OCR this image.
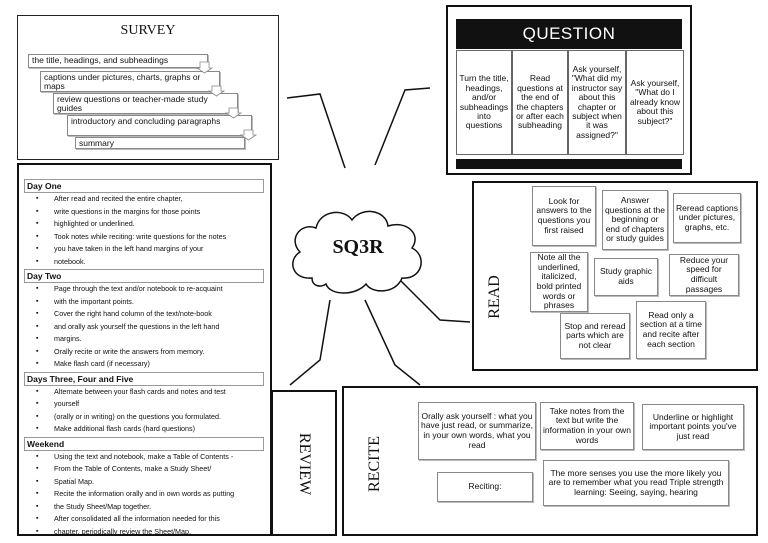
SQ3R
SURVEY
the title, headings, and subheadings
captions under pictures, charts, graphs or maps
review questions or teacher-made study guides
introductory and concluding paragraphs
summary
QUESTION
Turn the title, headings, and/or subheadings into questions
Read questions at the end of the chapters or after each subheading
Ask yourself, "What did my instructor say about this chapter or subject when it was assigned?"
Ask yourself, "What do I already know about this subject?"
READ
Look for answers to the questions you first raised
Answer questions at the beginning or end of chapters or study guides
Reread captions under pictures, graphs, etc.
Note all the underlined, italicized, bold printed words or phrases
Study graphic aids
Reduce your speed for difficult passages
Stop and reread parts which are not clear
Read only a section at a time and recite after each section
RECITE
Orally ask yourself : what you have just read, or summarize, in your own words, what you read
Take notes from the text but write the information in your own words
Underline or highlight important points you've just read
Reciting:
The more senses you use the more likely you are to remember what you read Triple strength learning: Seeing, saying, hearing
REVIEW
Day One
▪ After read and recited the entire chapter,
▪ write questions in the margins for those points
▪ highlighted or underlined.
▪ Took notes while reciting: write questions for the notes
▪ you have taken in the left hand margins of your
▪ notebook.
Day Two
▪ Page through the text and/or notebook to re-acquaint
▪ with the important points.
▪ Cover the right hand column of the text/note-book
▪ and orally ask yourself the questions in the left hand
▪ margins.
▪ Orally recite or write the answers from memory.
▪ Make flash card (if necessary)
Days Three, Four and Five
▪ Alternate between your flash cards and notes and test
▪ yourself
▪ (orally or in writing) on the questions you formulated.
▪ Make additional flash cards (hard questions)
Weekend
▪ Using the text and notebook, make a Table of Contents -
▪ From the Table of Contents, make a Study Sheet/
▪ Spatial Map.
▪ Recite the information orally and in own words as putting
▪ the Study Sheet/Map together.
▪ After consolidated all the information needed for this
▪ chapter, periodically review the Sheet/Map.
